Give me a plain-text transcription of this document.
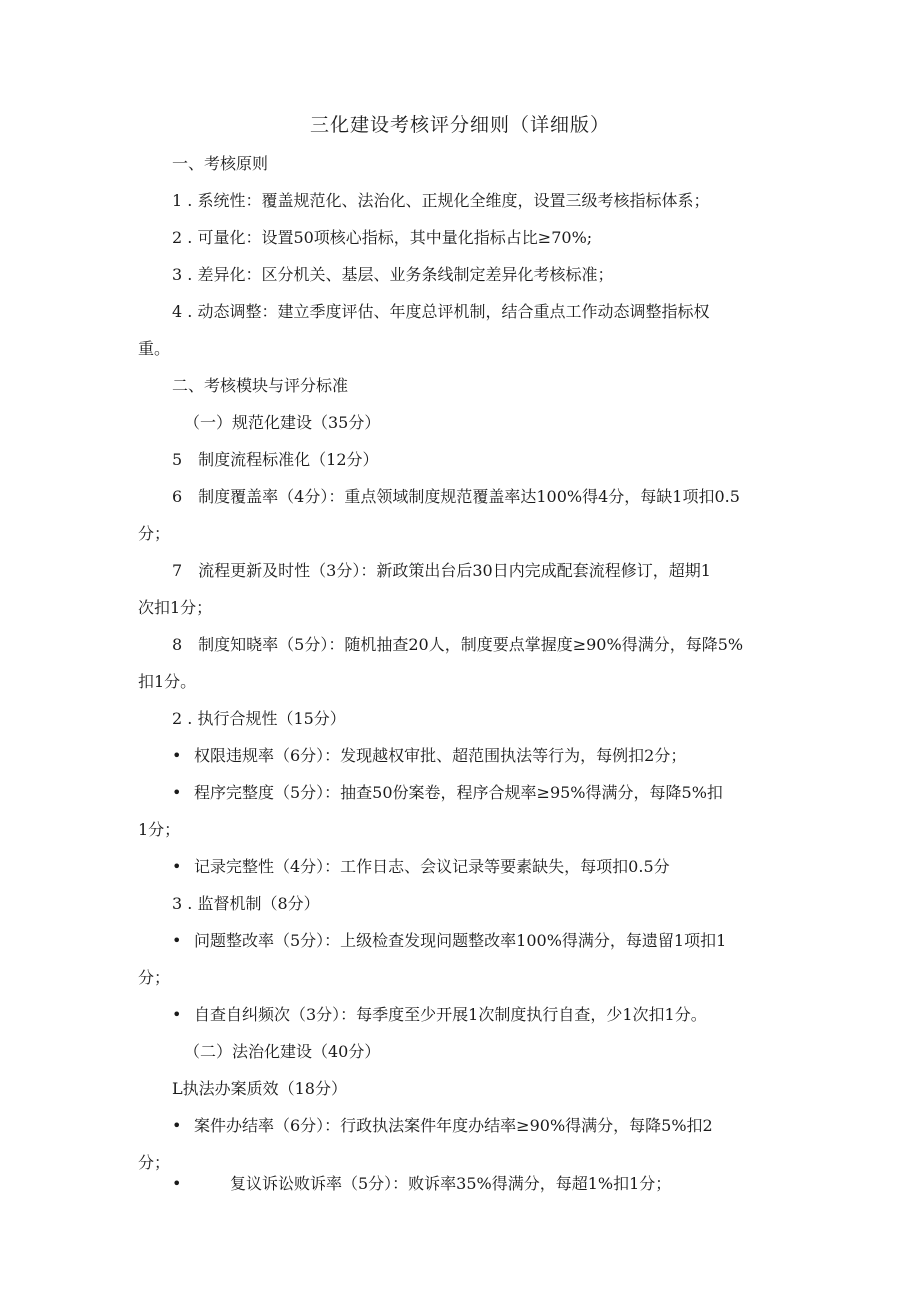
三化建设考核评分细则（详细版）
一、考核原则
1 . 系统性：覆盖规范化、法治化、正规化全维度，设置三级考核指标体系；
2 . 可量化：设置50项核心指标，其中量化指标占比≥70%;
3 . 差异化：区分机关、基层、业务条线制定差异化考核标准；
4 . 动态调整：建立季度评估、年度总评机制，结合重点工作动态调整指标权
重。
二、考核模块与评分标准
（一）规范化建设（35分）
5　制度流程标准化（12分）
6　制度覆盖率（4分）：重点领域制度规范覆盖率达100%得4分，每缺1项扣0.5
分；
7　流程更新及时性（3分）：新政策出台后30日内完成配套流程修订，超期1
次扣1分；
8　制度知晓率（5分）：随机抽查20人，制度要点掌握度≥90%得满分，每降5%
扣1分。
2 . 执行合规性（15分）
• 权限违规率（6分）：发现越权审批、超范围执法等行为，每例扣2分；
• 程序完整度（5分）：抽查50份案卷，程序合规率≥95%得满分，每降5%扣
1分；
• 记录完整性（4分）：工作日志、会议记录等要素缺失，每项扣0.5分
3 . 监督机制（8分）
• 问题整改率（5分）：上级检查发现问题整改率100%得满分，每遗留1项扣1
分；
• 自查自纠频次（3分）：每季度至少开展1次制度执行自查，少1次扣1分。
（二）法治化建设（40分）
L执法办案质效（18分）
• 案件办结率（6分）：行政执法案件年度办结率≥90%得满分，每降5%扣2
分；
•	复议诉讼败诉率（5分）：败诉率35%得满分，每超1%扣1分；
